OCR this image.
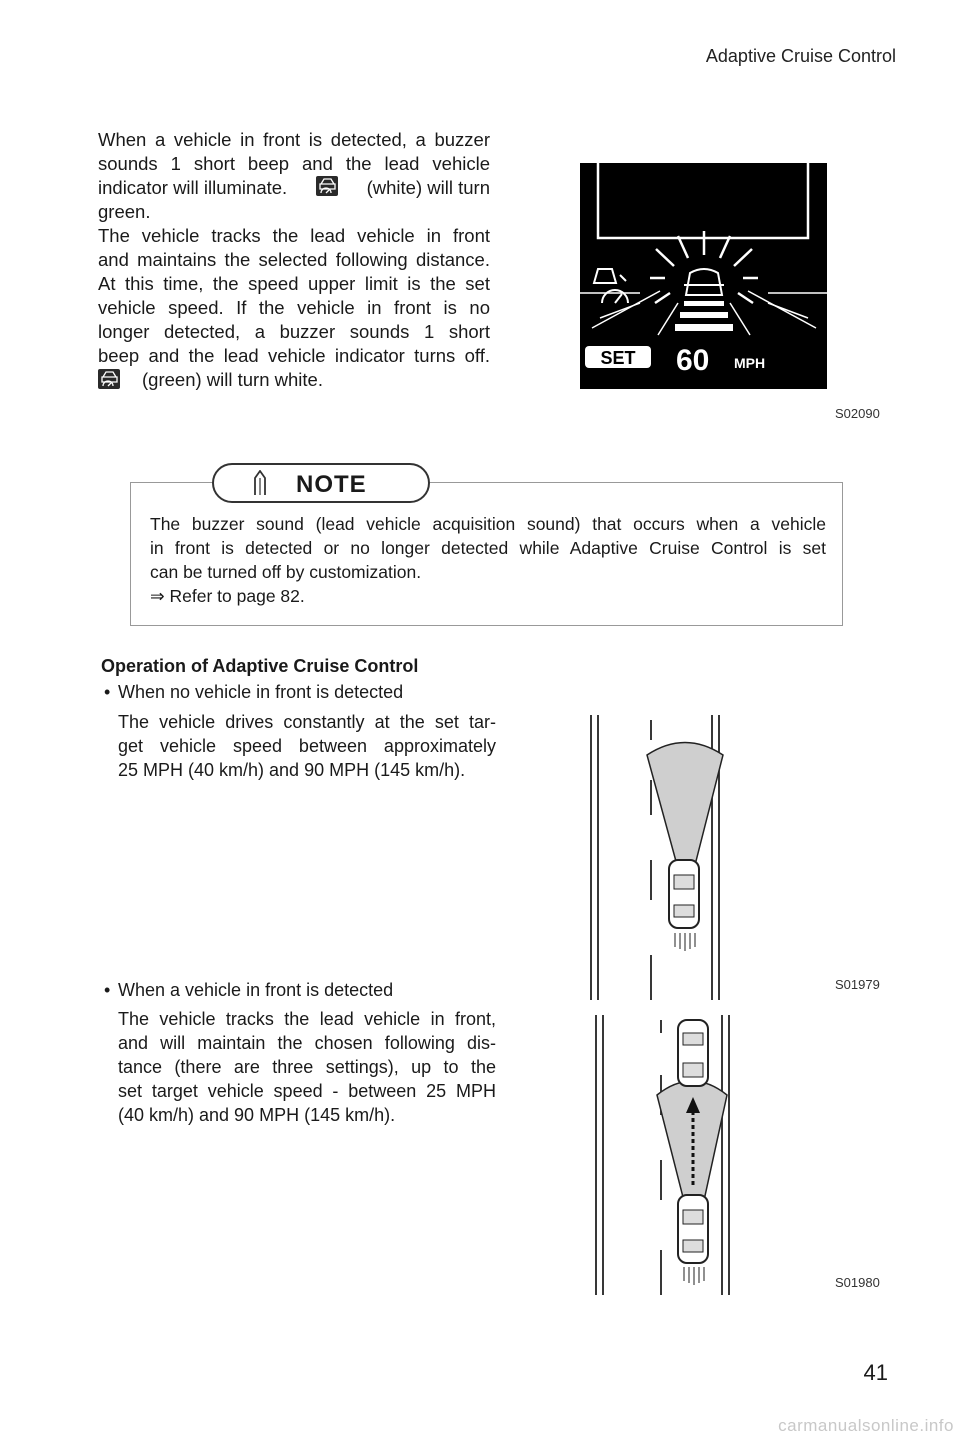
Adaptive Cruise Control
When a vehicle in front is detected, a buzzer
sounds 1 short beep and the lead vehicle
indicator will illuminate.	(white) will turn
green.
The vehicle tracks the lead vehicle in front
and maintains the selected following distance.
At this time, the speed upper limit is the set
vehicle speed. If the vehicle in front is no
longer detected, a buzzer sounds 1 short
beep and the lead vehicle indicator turns off.
(green) will turn white.
SET 60 MPH
S02090
NOTE
The buzzer sound (lead vehicle acquisition sound) that occurs when a vehicle
in front is detected or no longer detected while Adaptive Cruise Control is set
can be turned off by customization.
⇒ Refer to page 82.
Operation of Adaptive Cruise Control
• When no vehicle in front is detected
The vehicle drives constantly at the set tar-
get vehicle speed between approximately
25 MPH (40 km/h) and 90 MPH (145 km/h).
S01979
• When a vehicle in front is detected
The vehicle tracks the lead vehicle in front,
and will maintain the chosen following dis-
tance (there are three settings), up to the
set target vehicle speed - between 25 MPH
(40 km/h) and 90 MPH (145 km/h).
S01980
41
carmanualsonline.info
